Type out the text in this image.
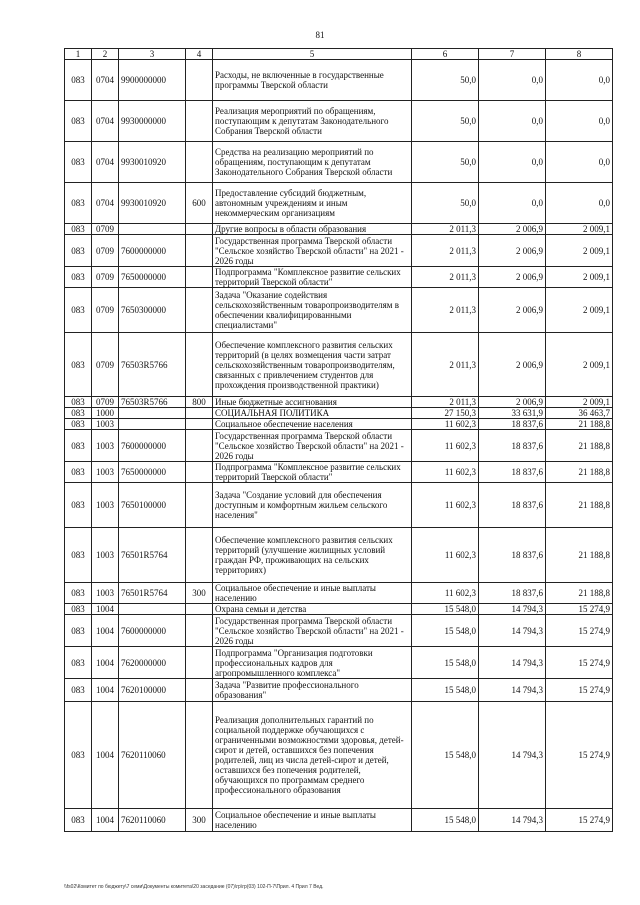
81
1	2	3	4	5	6	7	8
083	0704	9900000000		Расходы, не включенные в государственные программы Тверской области	50,0	0,0	0,0
083	0704	9930000000		Реализация мероприятий по обращениям, поступающим к депутатам Законодательного Собрания Тверской области	50,0	0,0	0,0
083	0704	9930010920		Средства на реализацию мероприятий по обращениям, поступающим к депутатам Законодательного Собрания Тверской области	50,0	0,0	0,0
083	0704	9930010920	600	Предоставление субсидий бюджетным, автономным учреждениям и иным некоммерческим организациям	50,0	0,0	0,0
083	0709			Другие вопросы в области образования	2 011,3	2 006,9	2 009,1
083	0709	7600000000		Государственная программа Тверской области "Сельское хозяйство Тверской области" на 2021 - 2026 годы	2 011,3	2 006,9	2 009,1
083	0709	7650000000		Подпрограмма "Комплексное развитие сельских территорий Тверской области"	2 011,3	2 006,9	2 009,1
083	0709	7650300000		Задача "Оказание содействия сельскохозяйственным товаропроизводителям в обеспечении квалифицированными специалистами"	2 011,3	2 006,9	2 009,1
083	0709	76503R5766		Обеспечение комплексного развития сельских территорий (в целях возмещения части затрат сельскохозяйственным товаропроизводителям, связанных с привлечением студентов для прохождения производственной практики)	2 011,3	2 006,9	2 009,1
083	0709	76503R5766	800	Иные бюджетные ассигнования	2 011,3	2 006,9	2 009,1
083	1000			СОЦИАЛЬНАЯ ПОЛИТИКА	27 150,3	33 631,9	36 463,7
083	1003			Социальное обеспечение населения	11 602,3	18 837,6	21 188,8
083	1003	7600000000		Государственная программа Тверской области "Сельское хозяйство Тверской области" на 2021 - 2026 годы	11 602,3	18 837,6	21 188,8
083	1003	7650000000		Подпрограмма "Комплексное развитие сельских территорий Тверской области"	11 602,3	18 837,6	21 188,8
083	1003	7650100000		Задача "Создание условий для обеспечения доступным и комфортным жильем сельского населения"	11 602,3	18 837,6	21 188,8
083	1003	76501R5764		Обеспечение комплексного развития сельских территорий (улучшение жилищных условий граждан РФ, проживающих на сельских территориях)	11 602,3	18 837,6	21 188,8
083	1003	76501R5764	300	Социальное обеспечение и иные выплаты населению	11 602,3	18 837,6	21 188,8
083	1004			Охрана семьи и детства	15 548,0	14 794,3	15 274,9
083	1004	7600000000		Государственная программа Тверской области "Сельское хозяйство Тверской области" на 2021 - 2026 годы	15 548,0	14 794,3	15 274,9
083	1004	7620000000		Подпрограмма "Организация подготовки профессиональных кадров для агропромышленного комплекса"	15 548,0	14 794,3	15 274,9
083	1004	7620100000		Задача "Развитие профессионального образования"	15 548,0	14 794,3	15 274,9
083	1004	7620110060		Реализация дополнительных гарантий по социальной поддержке обучающихся с ограниченными возможностями здоровья, детей-сирот и детей, оставшихся без попечения родителей, лиц из числа детей-сирот и детей, оставшихся без попечения родителей, обучающихся по программам среднего профессионального образования	15 548,0	14 794,3	15 274,9
083	1004	7620110060	300	Социальное обеспечение и иные выплаты населению	15 548,0	14 794,3	15 274,9
\\fs02\Комитет по бюджету\7 семи\Документы комитета\20 заседание (07)\гр\гр(03) 102-П-7\Прил. 4 Прил 7 Вед.
